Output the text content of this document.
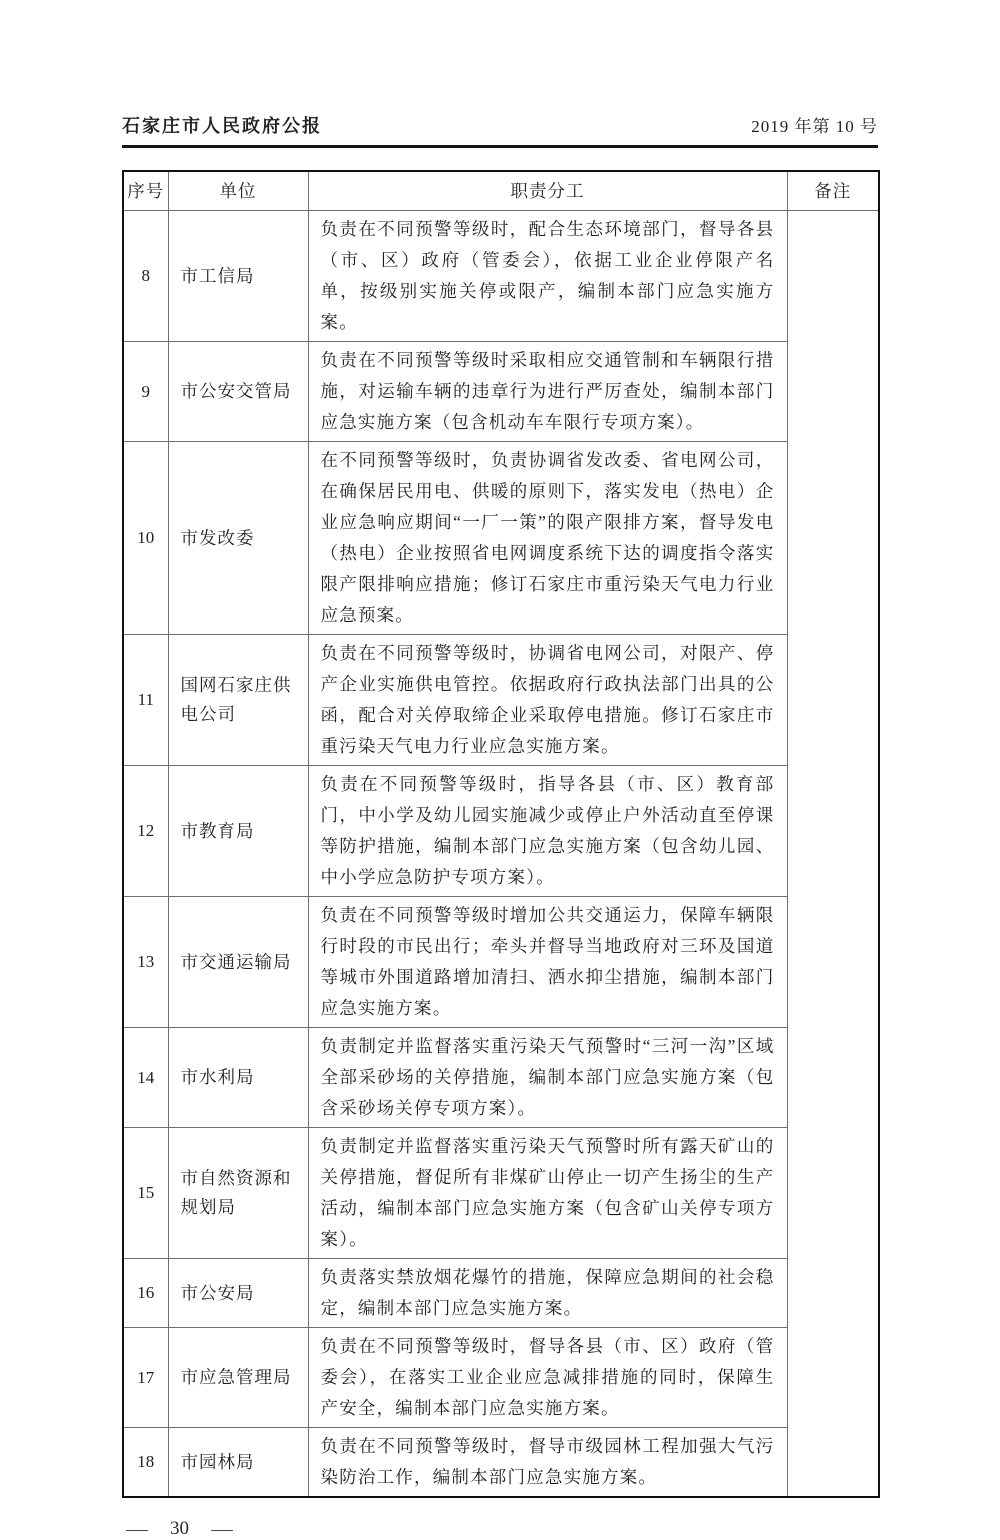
石家庄市人民政府公报	2019 年第 10 号
序号	单位	职责分工	备注
8	市工信局	负责在不同预警等级时，配合生态环境部门，督导各县（市、区）政府（管委会），依据工业企业停限产名单，按级别实施关停或限产，编制本部门应急实施方案。	
9	市公安交管局	负责在不同预警等级时采取相应交通管制和车辆限行措施，对运输车辆的违章行为进行严厉查处，编制本部门应急实施方案（包含机动车车限行专项方案）。	
10	市发改委	在不同预警等级时，负责协调省发改委、省电网公司，在确保居民用电、供暖的原则下，落实发电（热电）企业应急响应期间“一厂一策”的限产限排方案，督导发电（热电）企业按照省电网调度系统下达的调度指令落实限产限排响应措施；修订石家庄市重污染天气电力行业应急预案。	
11	国网石家庄供电公司	负责在不同预警等级时，协调省电网公司，对限产、停产企业实施供电管控。依据政府行政执法部门出具的公函，配合对关停取缔企业采取停电措施。修订石家庄市重污染天气电力行业应急实施方案。	
12	市教育局	负责在不同预警等级时，指导各县（市、区）教育部门，中小学及幼儿园实施减少或停止户外活动直至停课等防护措施，编制本部门应急实施方案（包含幼儿园、中小学应急防护专项方案）。	
13	市交通运输局	负责在不同预警等级时增加公共交通运力，保障车辆限行时段的市民出行；牵头并督导当地政府对三环及国道等城市外围道路增加清扫、洒水抑尘措施，编制本部门应急实施方案。	
14	市水利局	负责制定并监督落实重污染天气预警时“三河一沟”区域全部采砂场的关停措施，编制本部门应急实施方案（包含采砂场关停专项方案）。	
15	市自然资源和规划局	负责制定并监督落实重污染天气预警时所有露天矿山的关停措施，督促所有非煤矿山停止一切产生扬尘的生产活动，编制本部门应急实施方案（包含矿山关停专项方案）。	
16	市公安局	负责落实禁放烟花爆竹的措施，保障应急期间的社会稳定，编制本部门应急实施方案。	
17	市应急管理局	负责在不同预警等级时，督导各县（市、区）政府（管委会），在落实工业企业应急减排措施的同时，保障生产安全，编制本部门应急实施方案。	
18	市园林局	负责在不同预警等级时，督导市级园林工程加强大气污染防治工作，编制本部门应急实施方案。	
— 30 —
